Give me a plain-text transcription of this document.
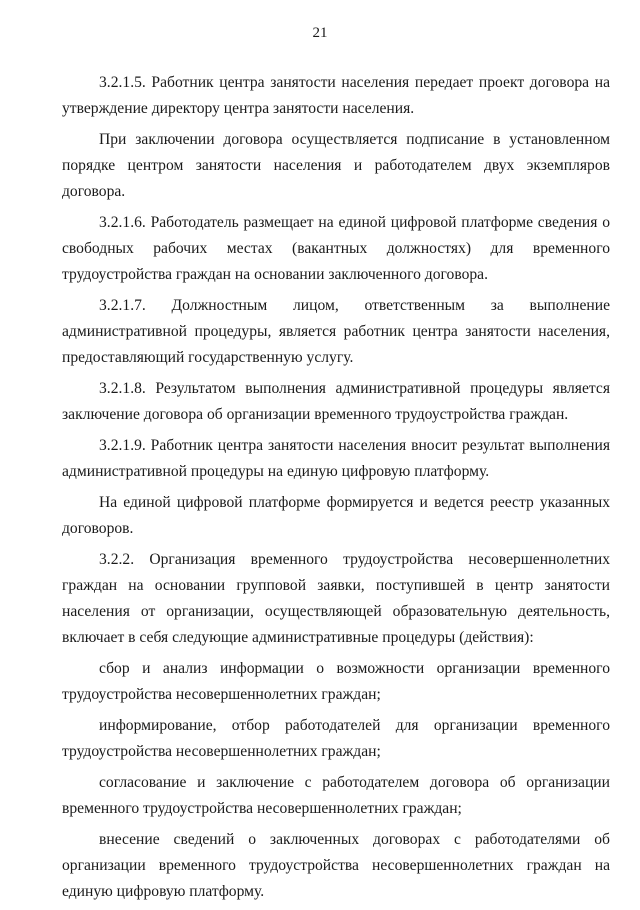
21

3.2.1.5. Работник центра занятости населения передает проект договора на утверждение директору центра занятости населения.

При заключении договора осуществляется подписание в установленном порядке центром занятости населения и работодателем двух экземпляров договора.

3.2.1.6. Работодатель размещает на единой цифровой платформе сведения о свободных рабочих местах (вакантных должностях) для временного трудоустройства граждан на основании заключенного договора.

3.2.1.7. Должностным лицом, ответственным за выполнение административной процедуры, является работник центра занятости населения, предоставляющий государственную услугу.

3.2.1.8. Результатом выполнения административной процедуры является заключение договора об организации временного трудоустройства граждан.

3.2.1.9. Работник центра занятости населения вносит результат выполнения административной процедуры на единую цифровую платформу.

На единой цифровой платформе формируется и ведется реестр указанных договоров.

3.2.2. Организация временного трудоустройства несовершеннолетних граждан на основании групповой заявки, поступившей в центр занятости населения от организации, осуществляющей образовательную деятельность, включает в себя следующие административные процедуры (действия):

сбор и анализ информации о возможности организации временного трудоустройства несовершеннолетних граждан;

информирование, отбор работодателей для организации временного трудоустройства несовершеннолетних граждан;

согласование и заключение с работодателем договора об организации временного трудоустройства несовершеннолетних граждан;

внесение сведений о заключенных договорах с работодателями об организации временного трудоустройства несовершеннолетних граждан на единую цифровую платформу.
